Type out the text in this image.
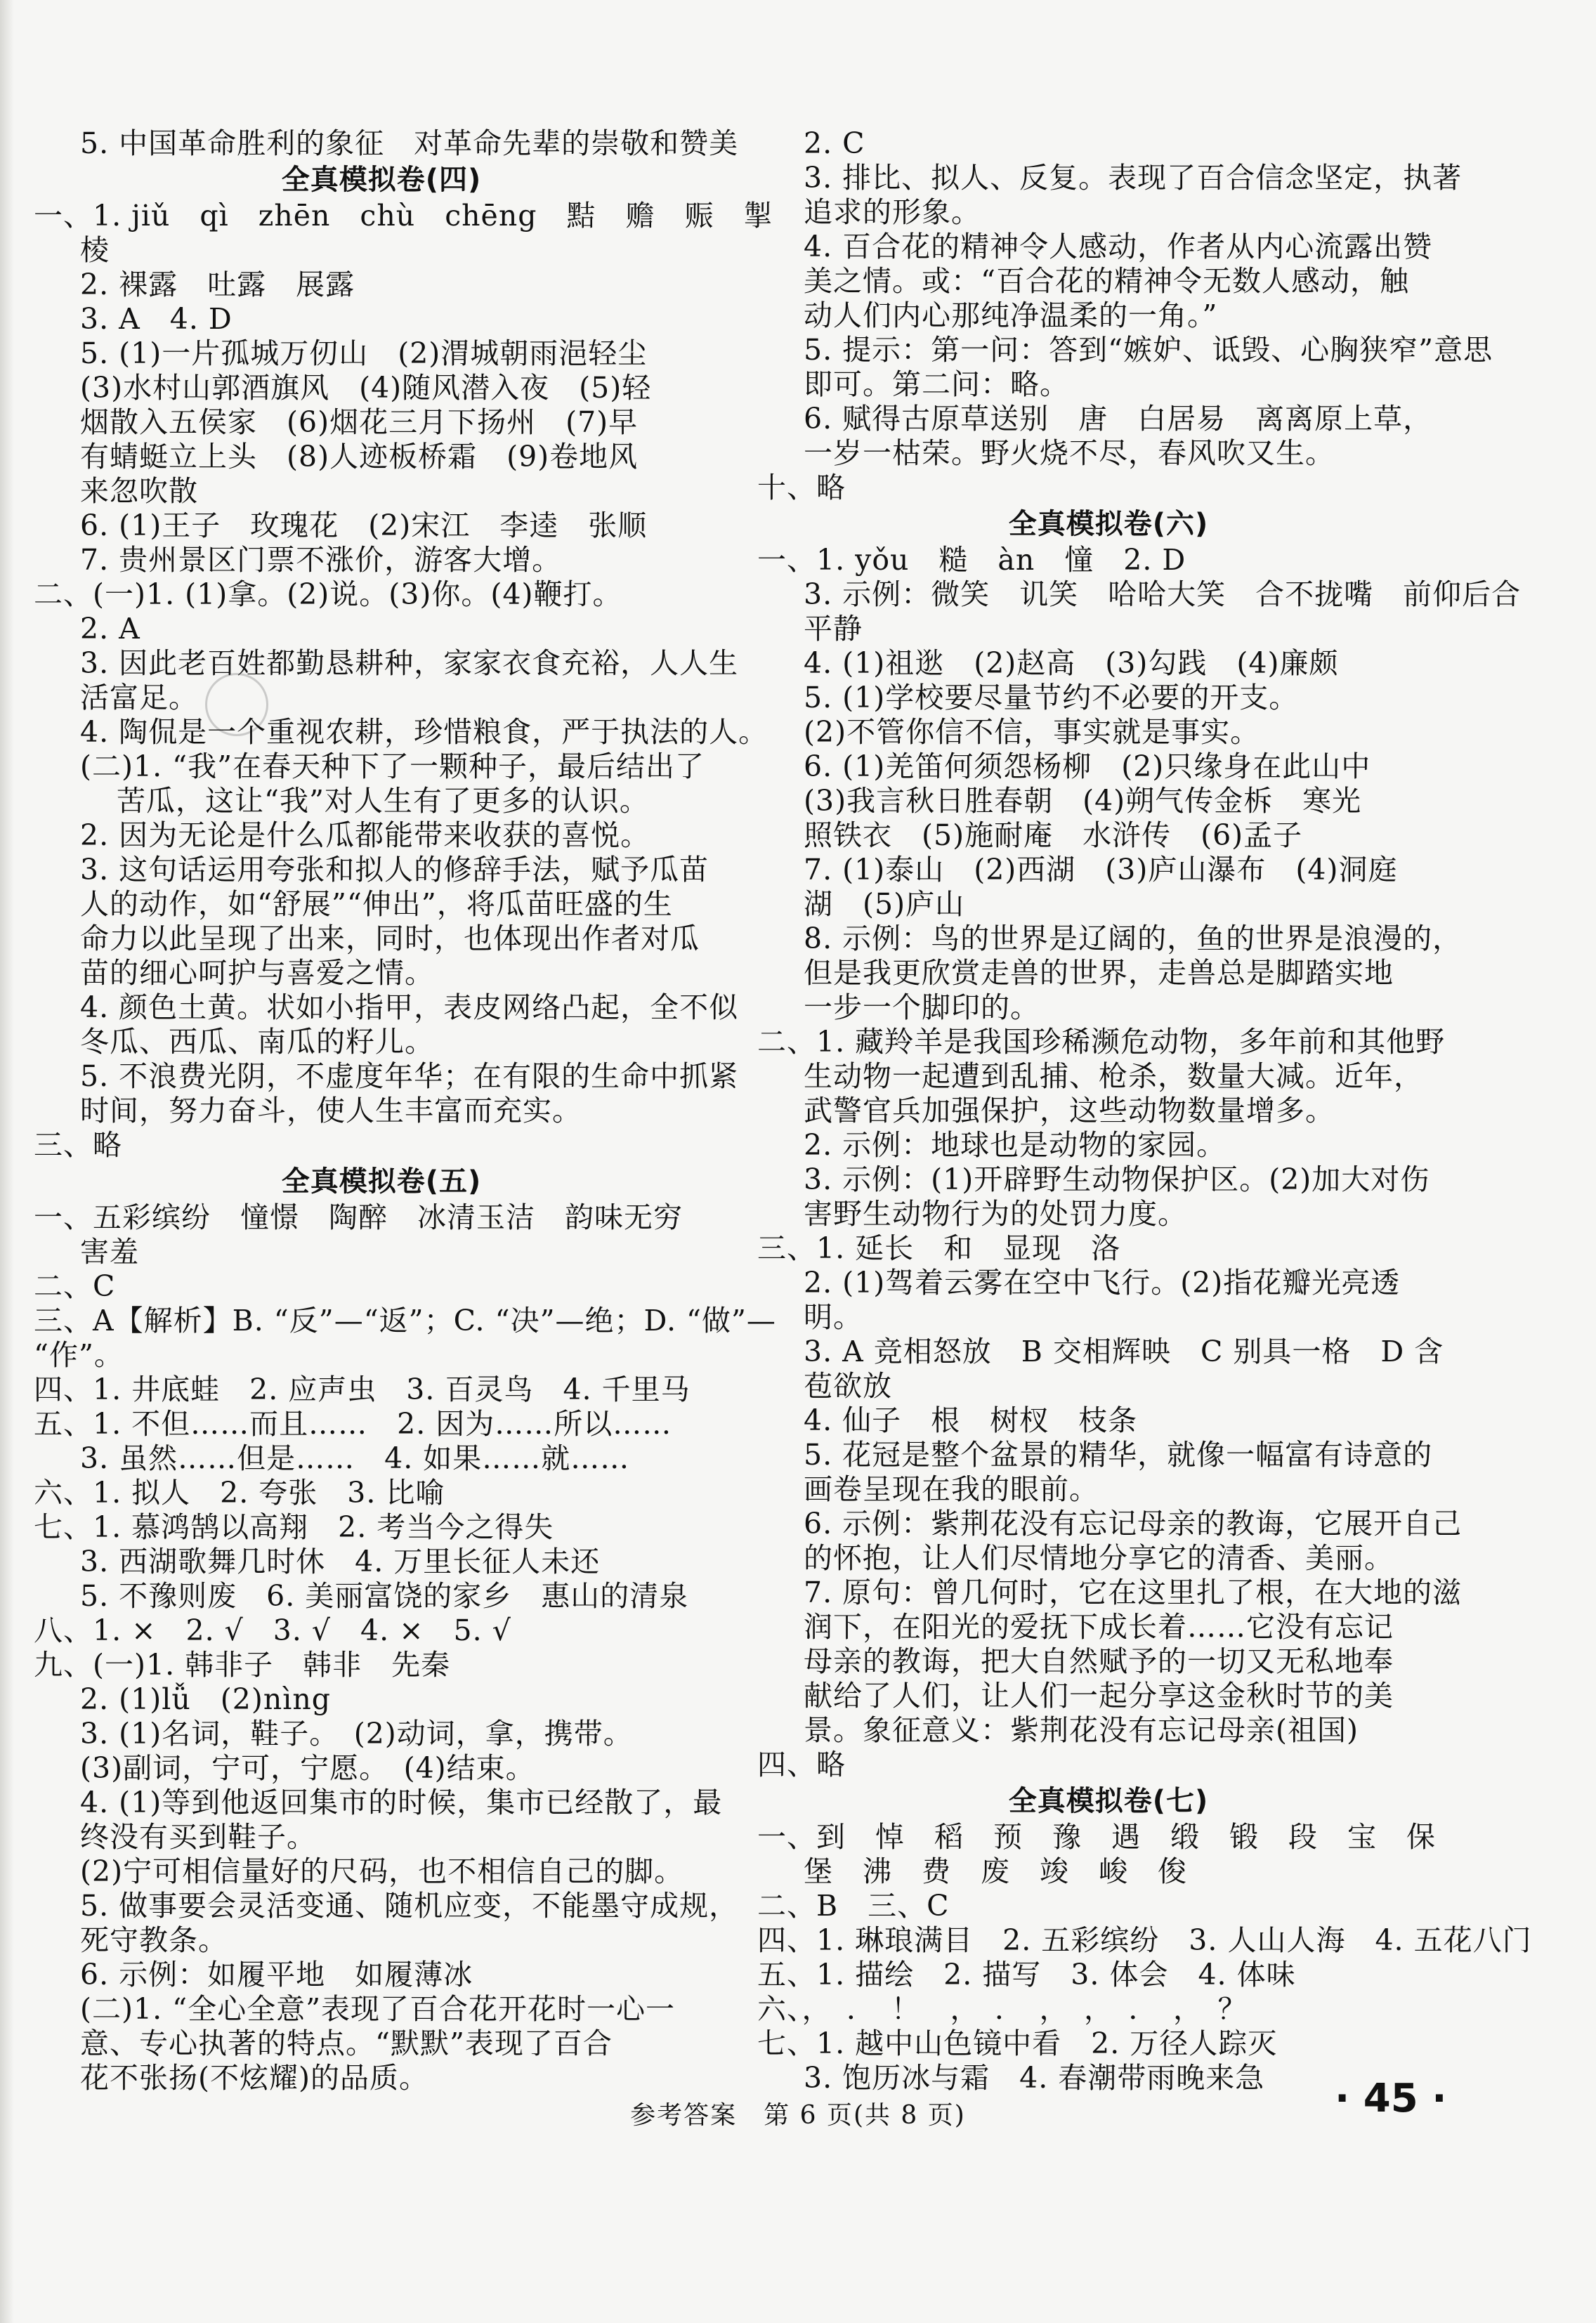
5. 中国革命胜利的象征　对革命先辈的崇敬和赞美
全真模拟卷(四)
一、1. jiǔ　qì　zhēn　chù　chēng　黠　赡　赈　掣
棱
2. 裸露　吐露　展露
3. A　4. D
5. (1)一片孤城万仞山　(2)渭城朝雨浥轻尘
(3)水村山郭酒旗风　(4)随风潜入夜　(5)轻
烟散入五侯家　(6)烟花三月下扬州　(7)早
有蜻蜓立上头　(8)人迹板桥霜　(9)卷地风
来忽吹散
6. (1)王子　玫瑰花　(2)宋江　李逵　张顺
7. 贵州景区门票不涨价，游客大增。
二、(一)1. (1)拿。(2)说。(3)你。(4)鞭打。
2. A
3. 因此老百姓都勤恳耕种，家家衣食充裕，人人生
活富足。
4. 陶侃是一个重视农耕，珍惜粮食，严于执法的人。
(二)1. “我”在春天种下了一颗种子，最后结出了
苦瓜，这让“我”对人生有了更多的认识。
2. 因为无论是什么瓜都能带来收获的喜悦。
3. 这句话运用夸张和拟人的修辞手法，赋予瓜苗
人的动作，如“舒展”“伸出”，将瓜苗旺盛的生
命力以此呈现了出来，同时，也体现出作者对瓜
苗的细心呵护与喜爱之情。
4. 颜色土黄。状如小指甲，表皮网络凸起，全不似
冬瓜、西瓜、南瓜的籽儿。
5. 不浪费光阴，不虚度年华；在有限的生命中抓紧
时间，努力奋斗，使人生丰富而充实。
三、略
全真模拟卷(五)
一、五彩缤纷　憧憬　陶醉　冰清玉洁　韵味无穷
害羞
二、C
三、A【解析】B. “反”—“返”；C. “决”—绝；D. “做”—
“作”。
四、1. 井底蛙　2. 应声虫　3. 百灵鸟　4. 千里马
五、1. 不但……而且……　2. 因为……所以……
3. 虽然……但是……　4. 如果……就……
六、1. 拟人　2. 夸张　3. 比喻
七、1. 慕鸿鹄以高翔　2. 考当今之得失
3. 西湖歌舞几时休　4. 万里长征人未还
5. 不豫则废　6. 美丽富饶的家乡　惠山的清泉
八、1. ×　2. √　3. √　4. ×　5. √
九、(一)1. 韩非子　韩非　先秦
2. (1)lǚ　(2)nìng
3. (1)名词，鞋子。　(2)动词，拿，携带。
(3)副词，宁可，宁愿。　(4)结束。
4. (1)等到他返回集市的时候，集市已经散了，最
终没有买到鞋子。
(2)宁可相信量好的尺码，也不相信自己的脚。
5. 做事要会灵活变通、随机应变，不能墨守成规，
死守教条。
6. 示例：如履平地　如履薄冰
(二)1. “全心全意”表现了百合花开花时一心一
意、专心执著的特点。“默默”表现了百合
花不张扬(不炫耀)的品质。
2. C
3. 排比、拟人、反复。表现了百合信念坚定，执著
追求的形象。
4. 百合花的精神令人感动，作者从内心流露出赞
美之情。或：“百合花的精神令无数人感动，触
动人们内心那纯净温柔的一角。”
5. 提示：第一问：答到“嫉妒、诋毁、心胸狭窄”意思
即可。第二问：略。
6. 赋得古原草送别　唐　白居易　离离原上草，
一岁一枯荣。野火烧不尽，春风吹又生。
十、略
全真模拟卷(六)
一、1. yǒu　糙　àn　憧　2. D
3. 示例：微笑　讥笑　哈哈大笑　合不拢嘴　前仰后合
平静
4. (1)祖逖　(2)赵高　(3)勾践　(4)廉颇
5. (1)学校要尽量节约不必要的开支。
(2)不管你信不信，事实就是事实。
6. (1)羌笛何须怨杨柳　(2)只缘身在此山中
(3)我言秋日胜春朝　(4)朔气传金柝　寒光
照铁衣　(5)施耐庵　水浒传　(6)孟子
7. (1)泰山　(2)西湖　(3)庐山瀑布　(4)洞庭
湖　(5)庐山
8. 示例：鸟的世界是辽阔的，鱼的世界是浪漫的，
但是我更欣赏走兽的世界，走兽总是脚踏实地
一步一个脚印的。
二、1. 藏羚羊是我国珍稀濒危动物，多年前和其他野
生动物一起遭到乱捕、枪杀，数量大减。近年，
武警官兵加强保护，这些动物数量增多。
2. 示例：地球也是动物的家园。
3. 示例：(1)开辟野生动物保护区。(2)加大对伤
害野生动物行为的处罚力度。
三、1. 延长　和　显现　洛
2. (1)驾着云雾在空中飞行。(2)指花瓣光亮透
明。
3. A 竞相怒放　B 交相辉映　C 别具一格　D 含
苞欲放
4. 仙子　根　树杈　枝条
5. 花冠是整个盆景的精华，就像一幅富有诗意的
画卷呈现在我的眼前。
6. 示例：紫荆花没有忘记母亲的教诲，它展开自己
的怀抱，让人们尽情地分享它的清香、美丽。
7. 原句：曾几何时，它在这里扎了根，在大地的滋
润下，在阳光的爱抚下成长着……它没有忘记
母亲的教诲，把大自然赋予的一切又无私地奉
献给了人们，让人们一起分享这金秋时节的美
景。象征意义：紫荆花没有忘记母亲(祖国)
四、略
全真模拟卷(七)
一、到　悼　稻　预　豫　遇　缎　锻　段　宝　保
堡　沸　费　废　竣　峻　俊
二、B　三、C
四、1. 琳琅满目　2. 五彩缤纷　3. 人山人海　4. 五花八门
五、1. 描绘　2. 描写　3. 体会　4. 体味
六、，　．　！　，　．　，　，　．　，　？
七、1. 越中山色镜中看　2. 万径人踪灭
3. 饱历冰与霜　4. 春潮带雨晚来急	· 45 ·
参考答案　第 6 页(共 8 页)
